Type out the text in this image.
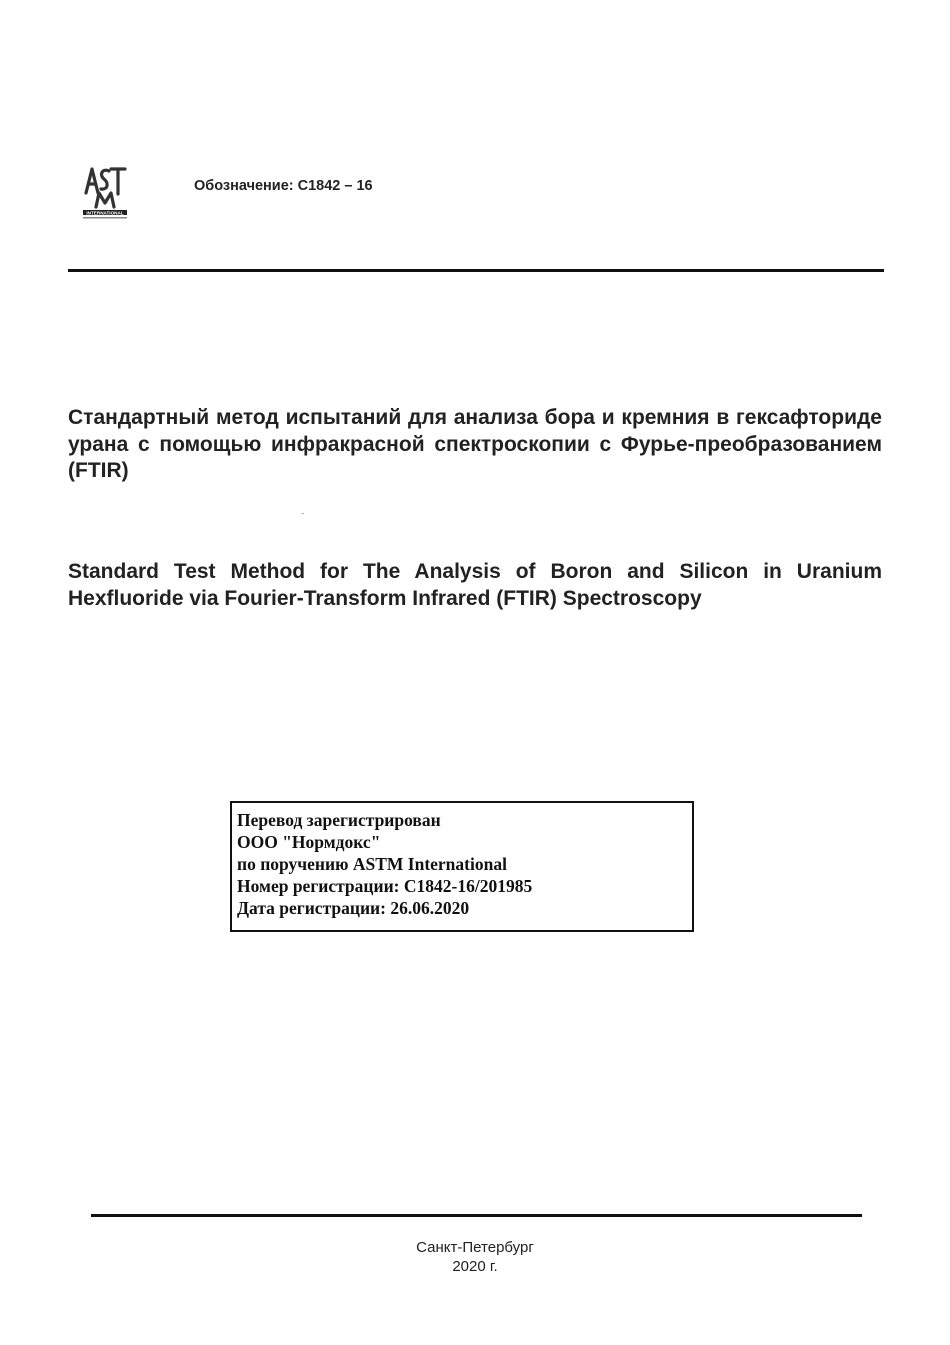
INTERNATIONAL
Обозначение: C1842 – 16
Стандартный метод испытаний для анализа бора и кремния в гексафториде урана с помощью инфракрасной спектроскопии с Фурье-преобразованием (FTIR)
Standard Test Method for The Analysis of Boron and Silicon in Uranium Hexfluoride via Fourier-Transform Infrared (FTIR) Spectroscopy
Перевод зарегистрирован
ООО "Нормдокс"
по поручению ASTM International
Номер регистрации: C1842-16/201985
Дата регистрации: 26.06.2020
Санкт-Петербург
2020 г.
